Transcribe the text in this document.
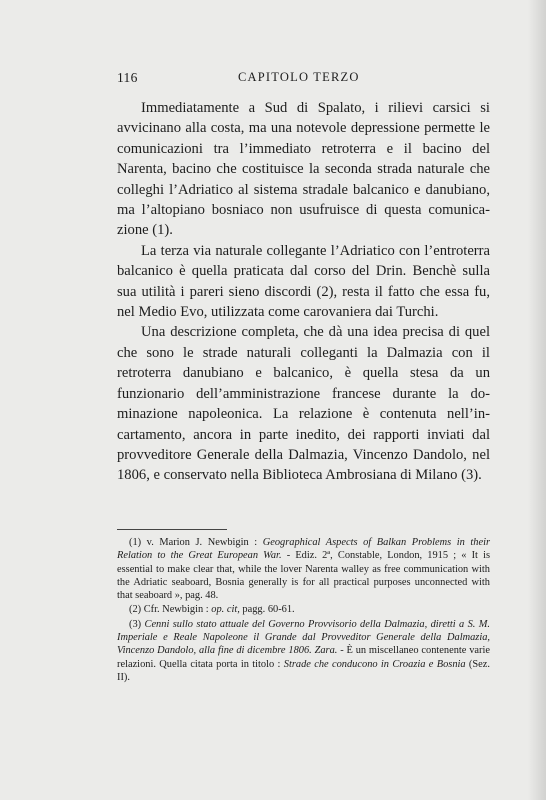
116	CAPITOLO TERZO

Immediatamente a Sud di Spalato, i rilievi carsici si avvicinano alla costa, ma una notevole depressione permette le comunicazioni tra l’immediato retroterra e il bacino del Narenta, bacino che costituisce la seconda strada naturale che colleghi l’Adriatico al sistema stradale balcanico e danubiano, ma l’altopiano bosniaco non usufruisce di questa comunicazione (1).

La terza via naturale collegante l’Adriatico con l’entroterra balcanico è quella praticata dal corso del Drin. Benchè sulla sua utilità i pareri sieno discordi (2), resta il fatto che essa fu, nel Medio Evo, utilizzata come carovaniera dai Turchi.

Una descrizione completa, che dà una idea precisa di quel che sono le strade naturali colleganti la Dalmazia con il retroterra danubiano e balcanico, è quella stesa da un funzionario dell’amministrazione francese durante la dominazione napoleonica. La relazione è contenuta nell’incartamento, ancora in parte inedito, dei rapporti inviati dal provveditore Generale della Dalmazia, Vincenzo Dandolo, nel 1806, e conservato nella Biblioteca Ambrosiana di Milano (3).

(1) v. Marion J. Newbigin : Geographical Aspects of Balkan Problems in their Relation to the Great European War. - Ediz. 2ª, Constable, London, 1915 ; « It is essential to make clear that, while the lover Narenta walley as free communication with the Adriatic seaboard, Bosnia generally is for all practical purposes unconnected with that seaboard », pag. 48.

(2) Cfr. Newbigin : op. cit, pagg. 60-61.

(3) Cenni sullo stato attuale del Governo Provvisorio della Dalmazia, diretti a S. M. Imperiale e Reale Napoleone il Grande dal Provveditor Generale della Dalmazia, Vincenzo Dandolo, alla fine di dicembre 1806. Zara. - È un miscellaneo contenente varie relazioni. Quella citata porta in titolo : Strade che conducono in Croazia e Bosnia (Sez. II).
